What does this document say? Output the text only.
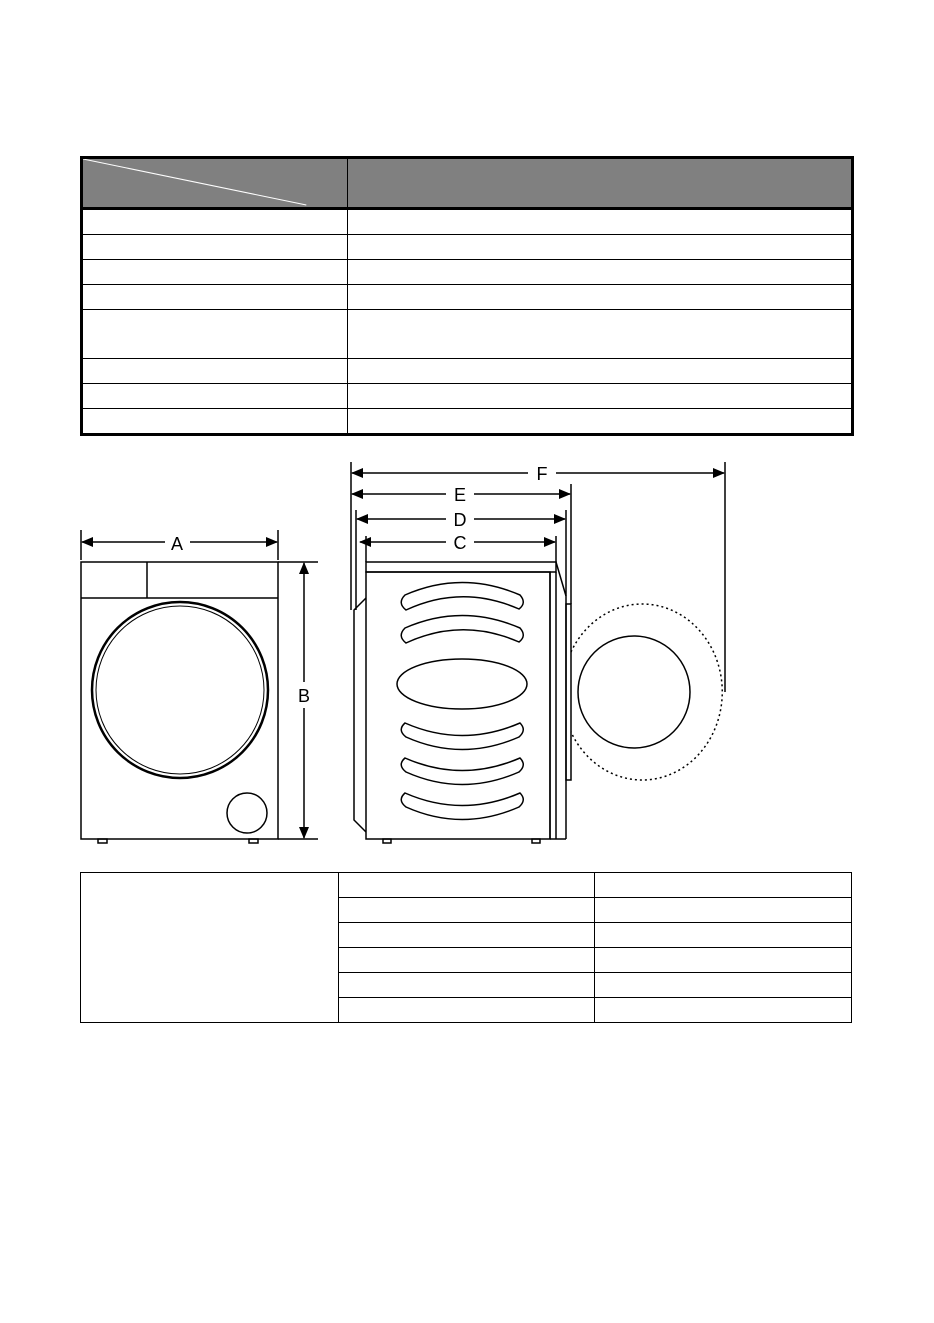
A
B
F
E
D
C
